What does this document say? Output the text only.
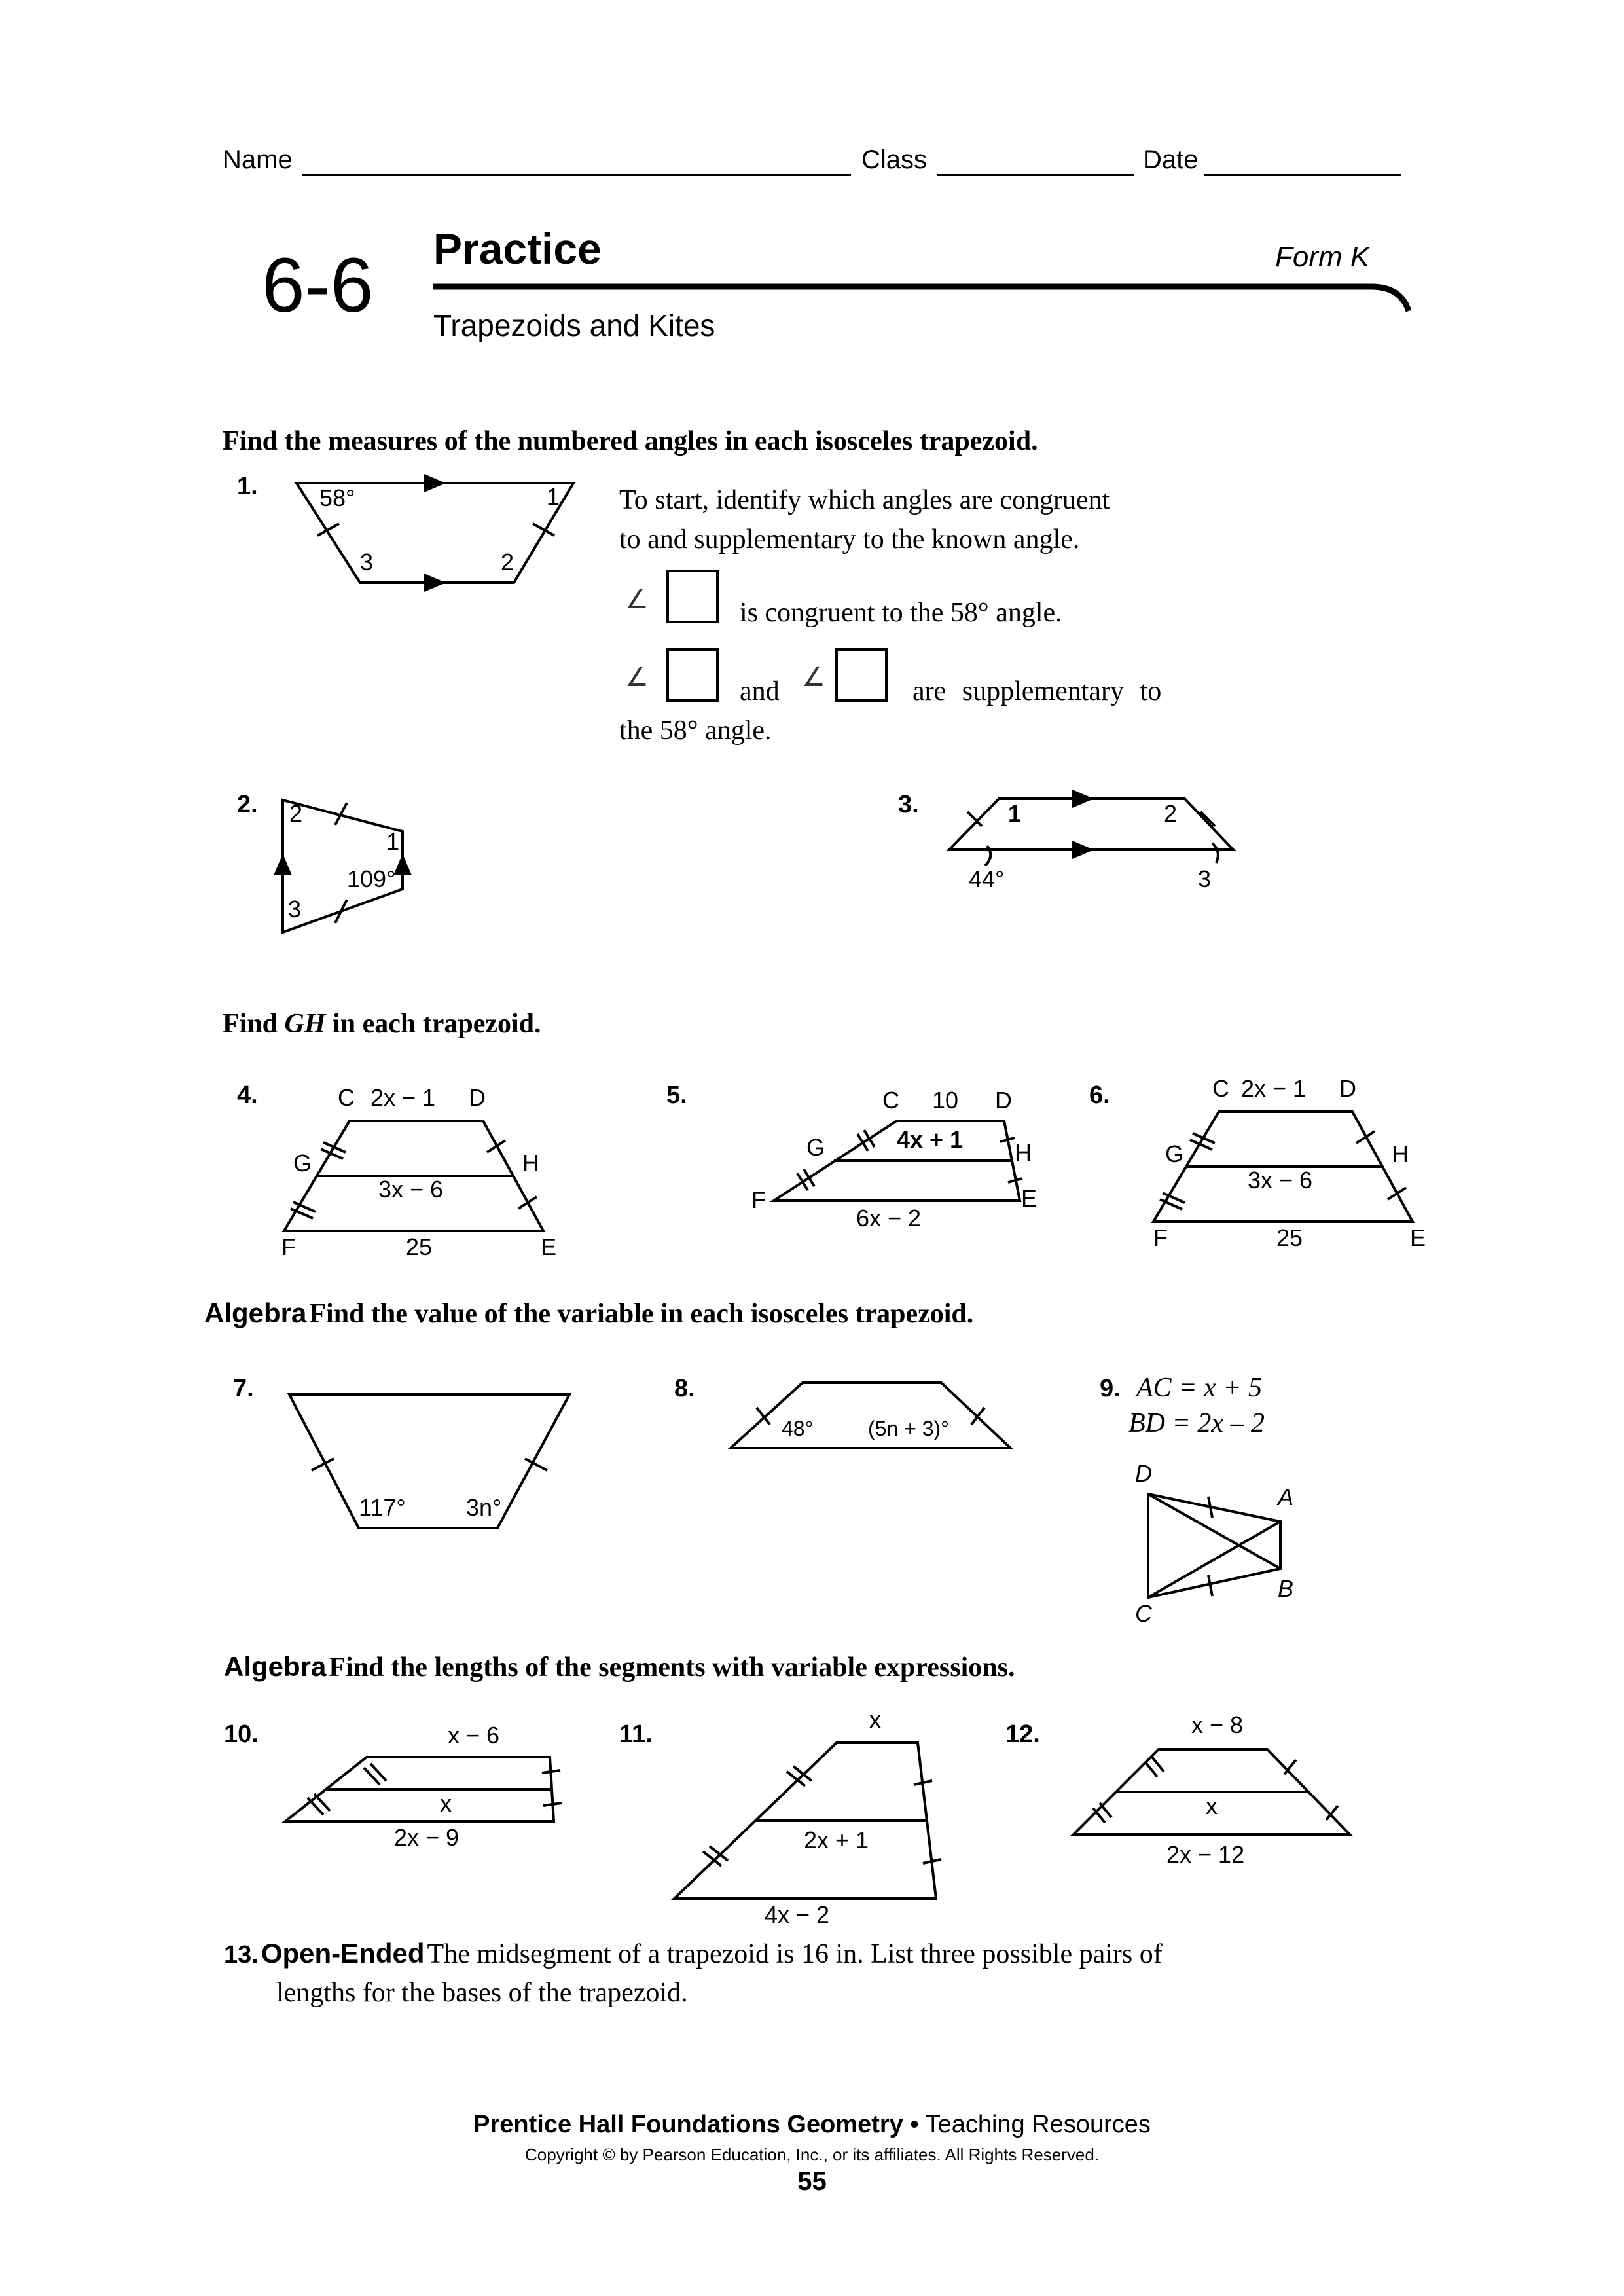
Name	Class	Date
6-6 Practice	Form K
Trapezoids and Kites
Find the measures of the numbered angles in each isosceles trapezoid.
1.	58°	1
3	2
To start, identify which angles are congruent
to and supplementary to the known angle.
∠	is congruent to the 58° angle.
∠	and ∠	are supplementary to
the 58° angle.
2. 2
1
109°
3
3.	1	2
44°	3
Find GH in each trapezoid.
4.	C 2x − 1 D
G
3x − 6
H
F	25	E
5.	C 10 D
G	4x + 1 H
F	E
6x − 2
6.	C 2x − 1 D
G
3x − 6
H
F	25	E
Algebra Find the value of the variable in each isosceles trapezoid.
7.
117°	3n°
8.
48°	(5n + 3)°
9. AC = x + 5
BD = 2x – 2
D
A
B
C
Algebra Find the lengths of the segments with variable expressions.
10.	x − 6
x
2x − 9
11.
x
2x + 1
4x − 2
12.	x − 8
x
2x − 12
13. Open-Ended The midsegment of a trapezoid is 16 in. List three possible pairs of
lengths for the bases of the trapezoid.
Prentice Hall Foundations Geometry • Teaching Resources
Copyright © by Pearson Education, Inc., or its affiliates. All Rights Reserved.
55
